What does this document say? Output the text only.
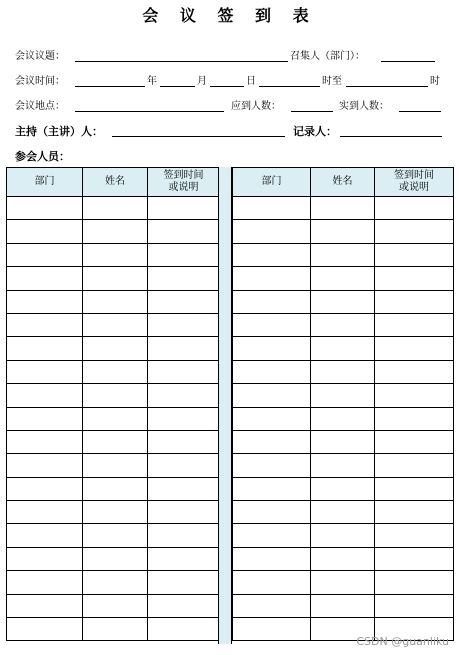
会 议 签 到 表
会议议题：	召集人（部门）：
会议时间：	年	月	日	时至	时
会议地点：	应到人数：	实到人数：
主持（主讲）人：	记录人：
参会人员：
部门	姓名	签到时间
或说明

部门	姓名	签到时间
或说明

CSDN @guanliku
